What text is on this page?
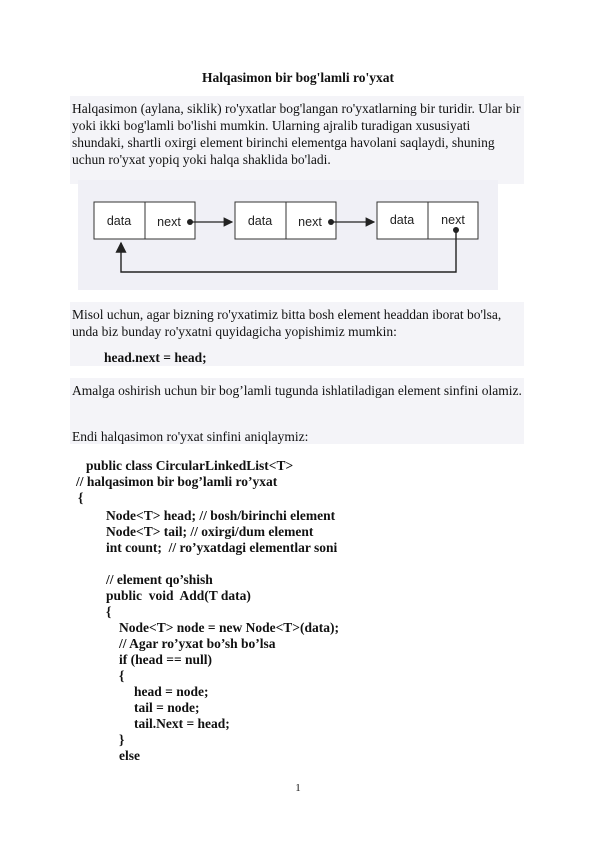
Halqasimon bir bog'lamli ro'yxat

Halqasimon (aylana, siklik) ro'yxatlar bog'langan ro'yxatlarning bir turidir. Ular bir yoki ikki bog'lamli bo'lishi mumkin. Ularning ajralib turadigan xususiyati shundaki, shartli oxirgi element birinchi elementga havolani saqlaydi, shuning uchun ro'yxat yopiq yoki halqa shaklida bo'ladi.

data next	data next	data next

Misol uchun, agar bizning ro'yxatimiz bitta bosh element headdan iborat bo'lsa, unda biz bunday ro'yxatni quyidagicha yopishimiz mumkin:

head.next = head;

Amalga oshirish uchun bir bog’lamli tugunda ishlatiladigan element sinfini olamiz.

Endi halqasimon ro'yxat sinfini aniqlaymiz:

public class CircularLinkedList<T>
// halqasimon bir bog’lamli ro’yxat
{
Node<T> head; // bosh/birinchi element
Node<T> tail; // oxirgi/dum element
int count;  // ro’yxatdagi elementlar soni
// element qo’shish
public  void  Add(T data)
{
Node<T> node = new Node<T>(data);
// Agar ro’yxat bo’sh bo’lsa
if (head == null)
{
head = node;
tail = node;
tail.Next = head;
}
else
1
